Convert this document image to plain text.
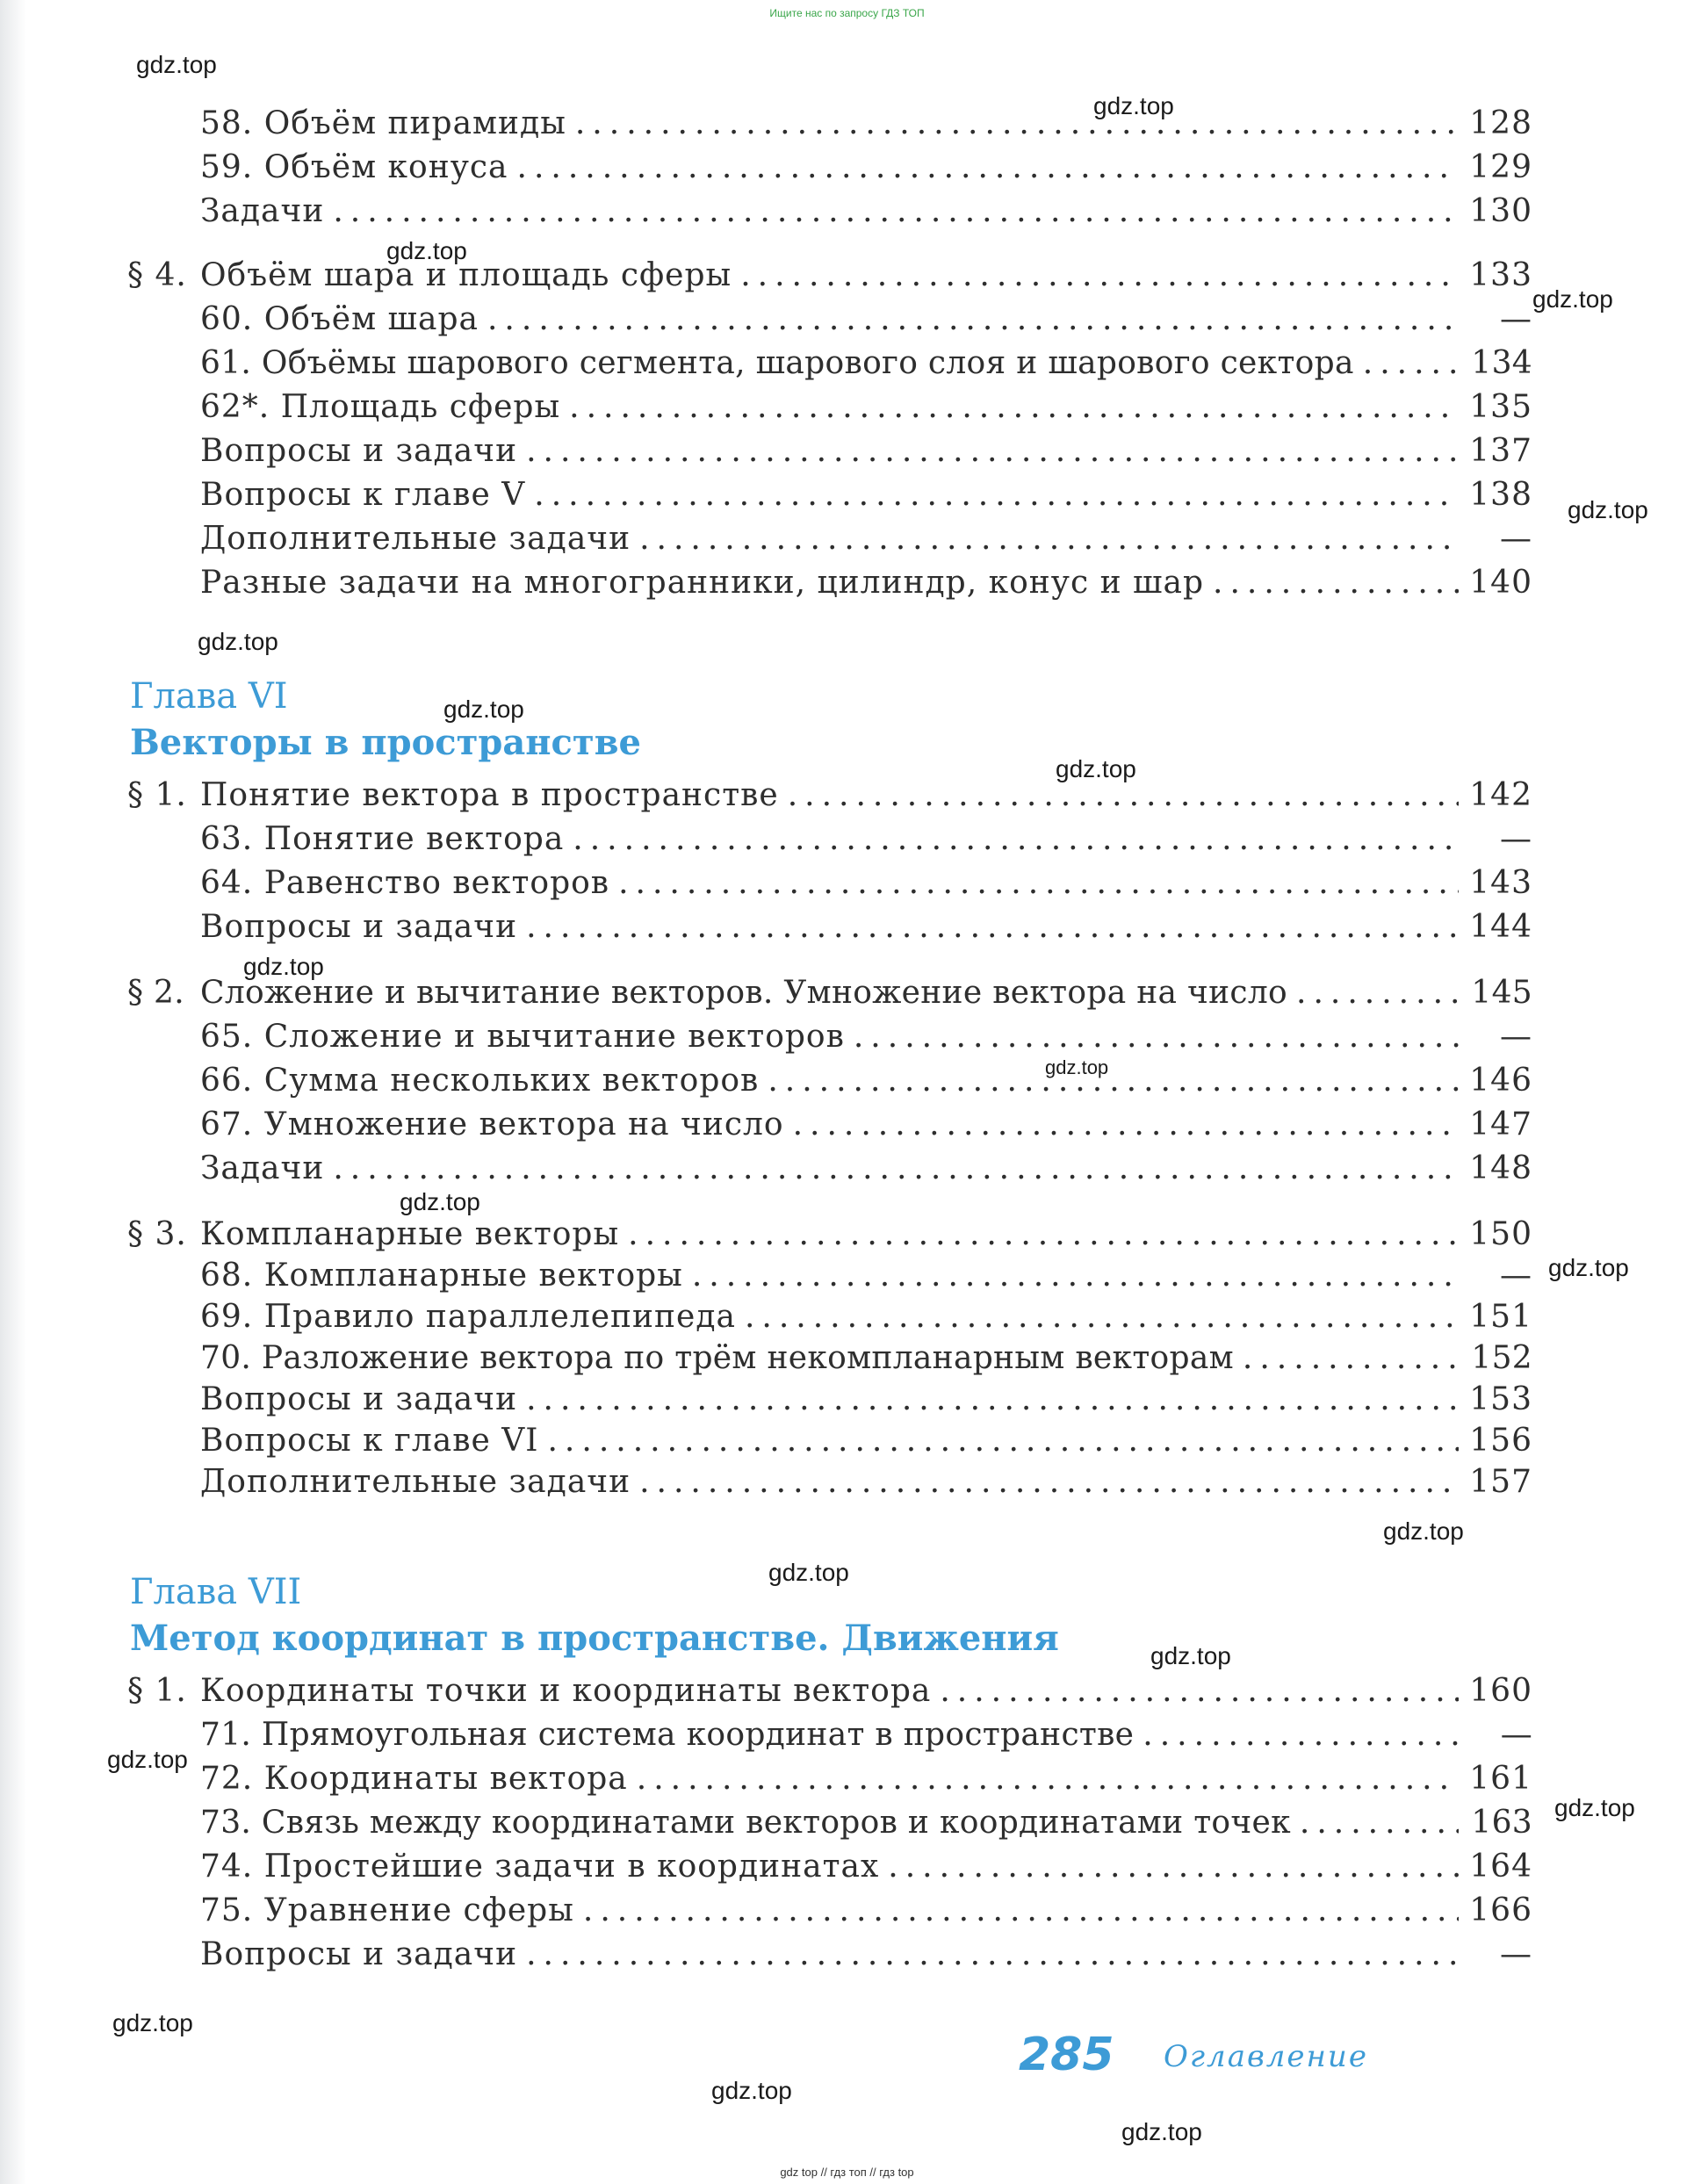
Ищите нас по запросу ГДЗ ТОП
gdz.top
gdz.top
gdz.top
gdz.top
gdz.top
gdz.top
gdz.top
gdz.top
gdz.top
gdz.top
gdz.top
gdz.top
gdz.top
gdz.top
gdz.top
gdz.top
gdz.top
gdz.top
gdz.top
gdz.top
Глава VI
Векторы в пространстве
Глава VII
Метод координат в пространстве. Движения
58. Объём пирамиды .....	128
59. Объём конуса .....	129
Задачи .....	130
§ 4. Объём шара и площадь сферы .....	133
60. Объём шара .....	—
61. Объёмы шарового сегмента, шарового слоя и шарового сектора .....	134
62*. Площадь сферы .....	135
Вопросы и задачи .....	137
Вопросы к главе V .....	138
Дополнительные задачи .....	—
Разные задачи на многогранники, цилиндр, конус и шар .....	140
§ 1. Понятие вектора в пространстве .....	142
63. Понятие вектора .....	—
64. Равенство векторов .....	143
Вопросы и задачи .....	144
§ 2. Сложение и вычитание векторов. Умножение вектора на число .....	145
65. Сложение и вычитание векторов .....	—
66. Сумма нескольких векторов .....	146
67. Умножение вектора на число .....	147
Задачи .....	148
§ 3. Компланарные векторы .....	150
68. Компланарные векторы .....	—
69. Правило параллелепипеда .....	151
70. Разложение вектора по трём некомпланарным векторам .....	152
Вопросы и задачи .....	153
Вопросы к главе VI .....	156
Дополнительные задачи .....	157
§ 1. Координаты точки и координаты вектора .....	160
71. Прямоугольная система координат в пространстве .....	—
72. Координаты вектора .....	161
73. Связь между координатами векторов и координатами точек .....	163
74. Простейшие задачи в координатах .....	164
75. Уравнение сферы .....	166
Вопросы и задачи .....	—
285 Оглавление
gdz top // гдз топ // гдз top
